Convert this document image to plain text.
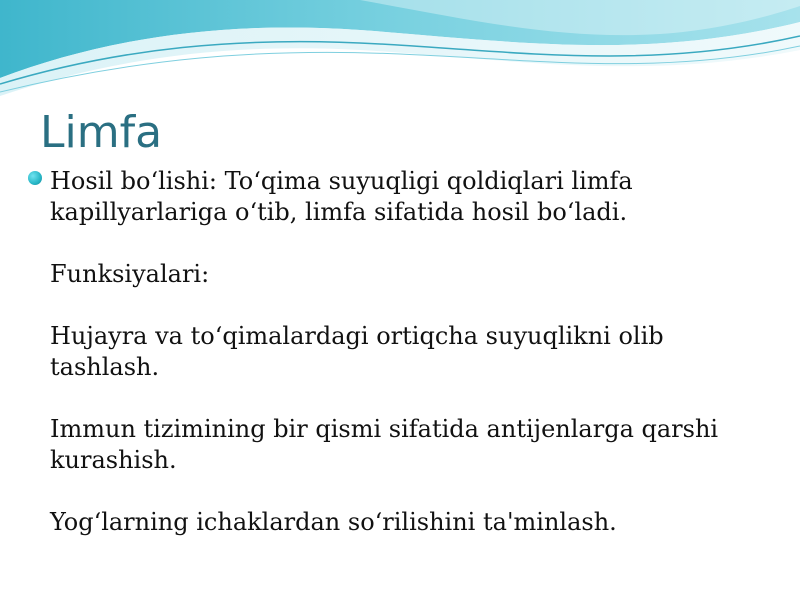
Limfa
Hosil bo‘lishi: To‘qima suyuqligi qoldiqlari limfa
kapillyarlariga o‘tib, limfa sifatida hosil bo‘ladi.

Funksiyalari:

Hujayra va to‘qimalardagi ortiqcha suyuqlikni olib
tashlash.
Immun tizimining bir qismi sifatida antijenlarga qarshi
kurashish.
Yog‘larning ichaklardan so‘rilishini ta'minlash.
